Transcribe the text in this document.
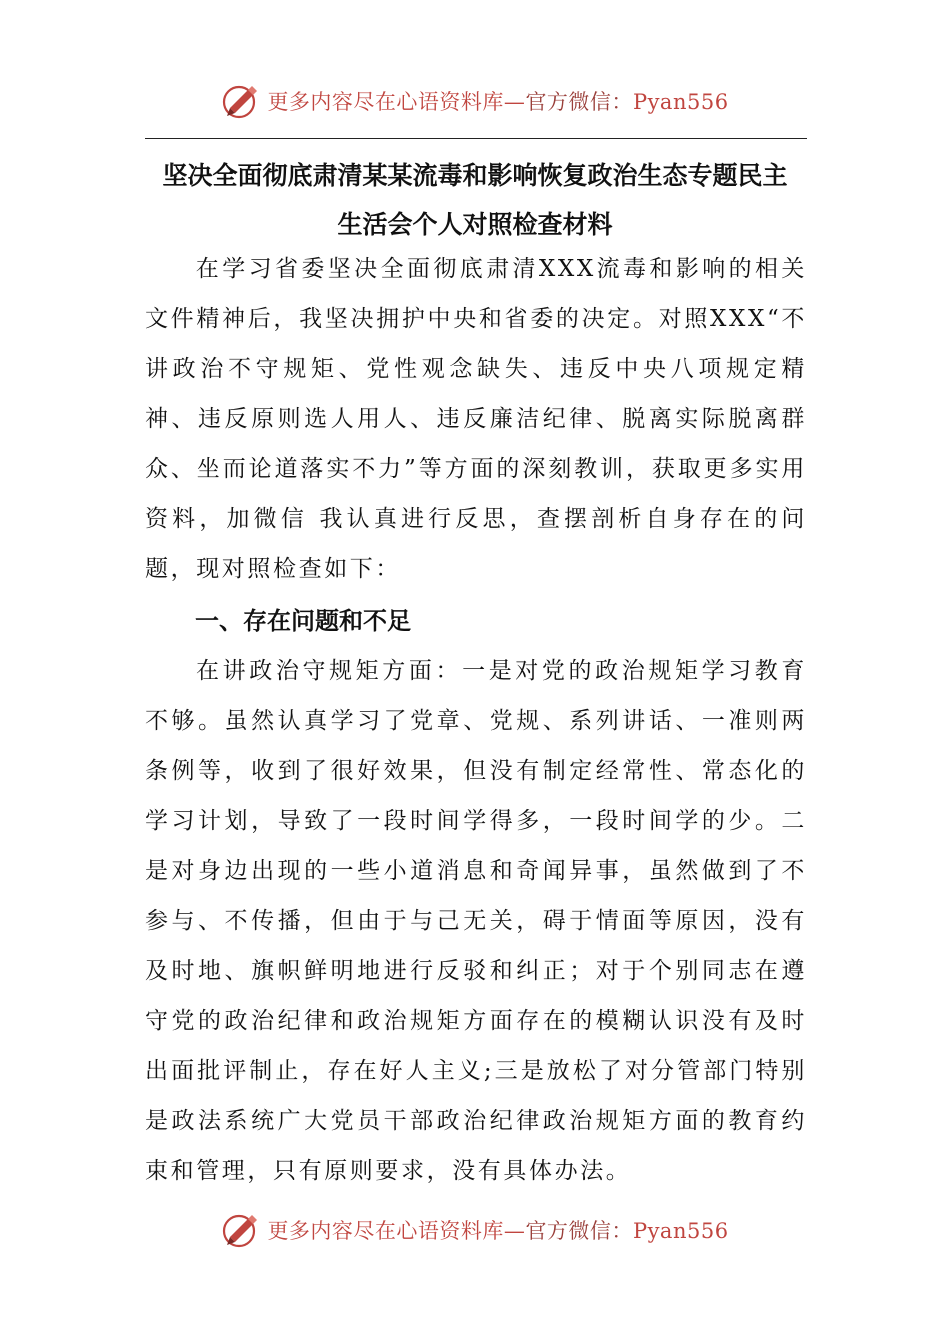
更多内容尽在心语资料库—官方微信：Pyan556
坚决全面彻底肃清某某流毒和影响恢复政治生态专题民主
生活会个人对照检查材料
在学习省委坚决全面彻底肃清XXX流毒和影响的相关文件精神后，我坚决拥护中央和省委的决定。对照XXX“不讲政治不守规矩、党性观念缺失、违反中央八项规定精神、违反原则选人用人、违反廉洁纪律、脱离实际脱离群众、坐而论道落实不力”等方面的深刻教训，获取更多实用资料，加微信 我认真进行反思，查摆剖析自身存在的问题，现对照检查如下：
一、存在问题和不足
在讲政治守规矩方面：一是对党的政治规矩学习教育不够。虽然认真学习了党章、党规、系列讲话、一准则两条例等，收到了很好效果，但没有制定经常性、常态化的学习计划，导致了一段时间学得多，一段时间学的少。二是对身边出现的一些小道消息和奇闻异事，虽然做到了不参与、不传播，但由于与己无关，碍于情面等原因，没有及时地、旗帜鲜明地进行反驳和纠正；对于个别同志在遵守党的政治纪律和政治规矩方面存在的模糊认识没有及时出面批评制止，存在好人主义;三是放松了对分管部门特别是政法系统广大党员干部政治纪律政治规矩方面的教育约束和管理，只有原则要求，没有具体办法。
更多内容尽在心语资料库—官方微信：Pyan556
